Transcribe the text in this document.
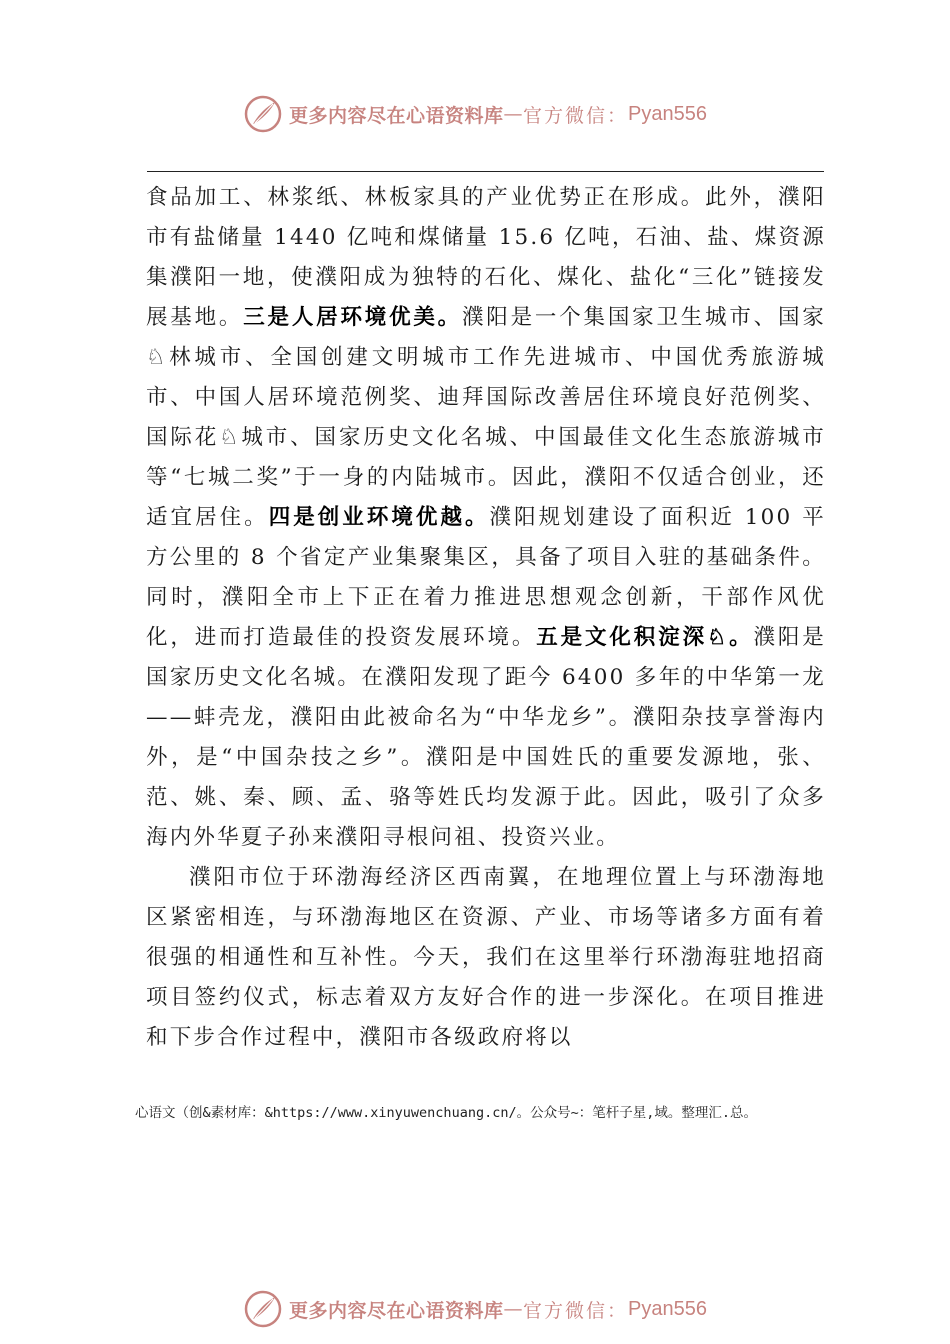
更多内容尽在心语资料库 — 官方微信： Pyan556

食品加工、林浆纸、林板家具的产业优势正在形成。此外，濮阳市有盐储量 1440 亿吨和煤储量 15.6 亿吨，石油、盐、煤资源集濮阳一地，使濮阳成为独特的石化、煤化、盐化“三化”链接发展基地。三是人居环境优美。濮阳是一个集国家卫生城市、国家♘林城市、全国创建文明城市工作先进城市、中国优秀旅游城市、中国人居环境范例奖、迪拜国际改善居住环境良好范例奖、国际花♘城市、国家历史文化名城、中国最佳文化生态旅游城市等“七城二奖”于一身的内陆城市。因此，濮阳不仅适合创业，还适宜居住。四是创业环境优越。濮阳规划建设了面积近 100 平方公里的 8 个省定产业集聚集区，具备了项目入驻的基础条件。同时，濮阳全市上下正在着力推进思想观念创新，干部作风优化，进而打造最佳的投资发展环境。五是文化积淀深♘。濮阳是国家历史文化名城。在濮阳发现了距今 6400 多年的中华第一龙——蚌壳龙，濮阳由此被命名为“中华龙乡”。濮阳杂技享誉海内外，是“中国杂技之乡”。濮阳是中国姓氏的重要发源地，张、范、姚、秦、顾、孟、骆等姓氏均发源于此。因此，吸引了众多海内外华夏子孙来濮阳寻根问祖、投资兴业。

濮阳市位于环渤海经济区西南翼，在地理位置上与环渤海地区紧密相连，与环渤海地区在资源、产业、市场等诸多方面有着很强的相通性和互补性。今天，我们在这里举行环渤海驻地招商项目签约仪式，标志着双方友好合作的进一步深化。在项目推进和下步合作过程中，濮阳市各级政府将以

心语文（创&素材库：&https://www.xinyuwenchuang.cn/。公众号~：笔杆子星,域。整理汇.总。
更多内容尽在心语资料库 — 官方微信： Pyan556
